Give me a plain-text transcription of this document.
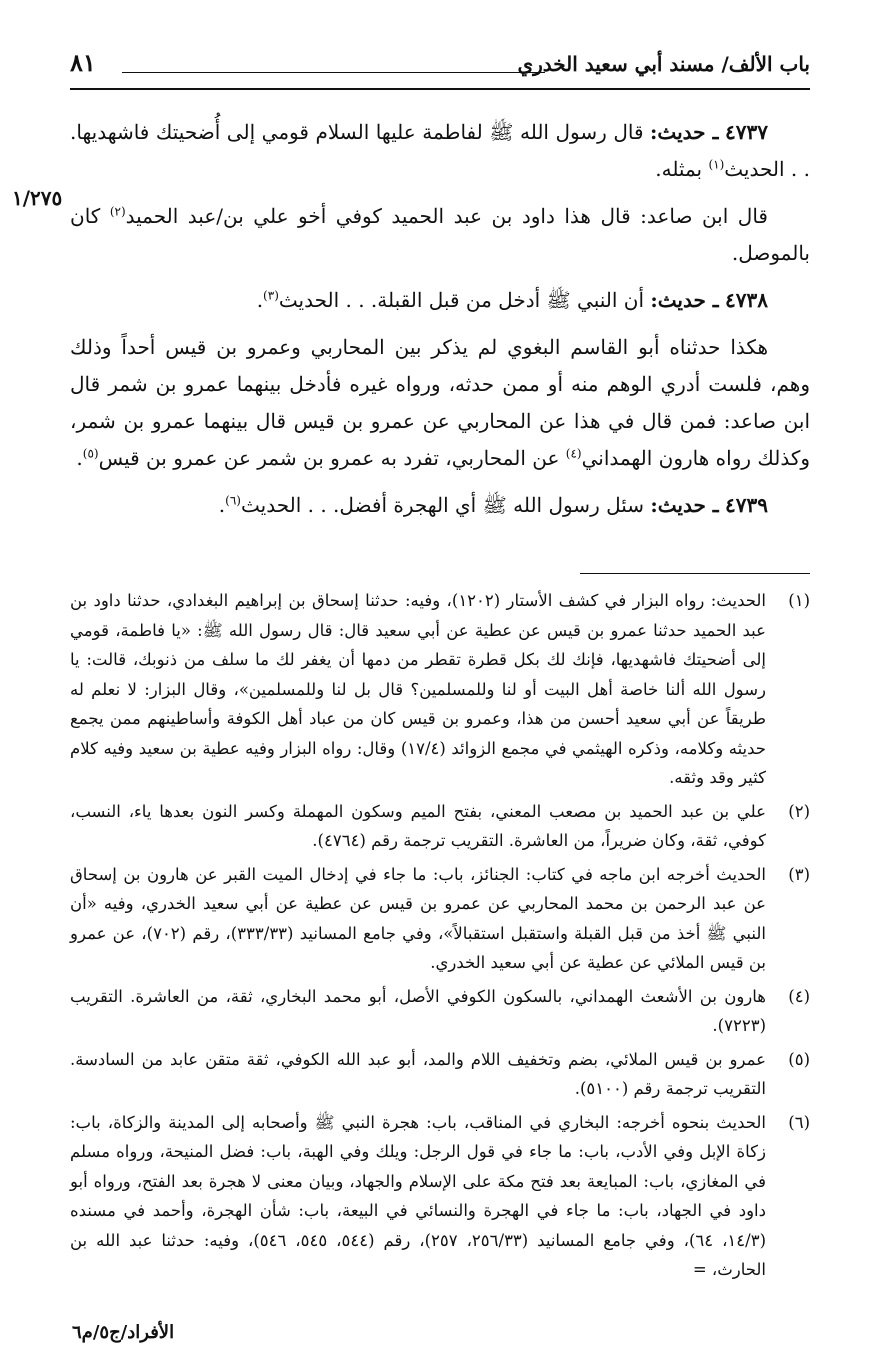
باب الألف/ مسند أبي سعيد الخدري
٨١

٤٧٣٧ ـ حديث: قال رسول الله ﷺ لفاطمة عليها السلام قومي إلى أُضحيتك فاشهديها. . . الحديث$^{(١)}$ بمثله.

قال ابن صاعد: قال هذا داود بن عبد الحميد كوفي أخو علي بن/عبد الحميد$^{(٢)}$ كان بالموصل.

٤٧٣٨ ـ حديث: أن النبي ﷺ أدخل من قبل القبلة. . . الحديث$^{(٣)}$.

هكذا حدثناه أبو القاسم البغوي لم يذكر بين المحاربي وعمرو بن قيس أحداً وذلك وهم، فلست أدري الوهم منه أو ممن حدثه، ورواه غيره فأدخل بينهما عمرو بن شمر قال ابن صاعد: فمن قال في هذا عن المحاربي عن عمرو بن قيس قال بينهما عمرو بن شمر، وكذلك رواه هارون الهمداني$^{(٤)}$ عن المحاربي، تفرد به عمرو بن شمر عن عمرو بن قيس$^{(٥)}$.

٤٧٣٩ ـ حديث: سئل رسول الله ﷺ أي الهجرة أفضل. . . الحديث$^{(٦)}$.

١/٢٧٥
(١)
الحديث: رواه البزار في كشف الأستار (١٢٠٢)، وفيه: حدثنا إسحاق بن إبراهيم البغدادي، حدثنا داود بن عبد الحميد حدثنا عمرو بن قيس عن عطية عن أبي سعيد قال: قال رسول الله ﷺ: «يا فاطمة، قومي إلى أضحيتك فاشهديها، فإنك لك بكل قطرة تقطر من دمها أن يغفر لك ما سلف من ذنوبك، قالت: يا رسول الله ألنا خاصة أهل البيت أو لنا وللمسلمين؟ قال بل لنا وللمسلمين»، وقال البزار: لا نعلم له طريقاً عن أبي سعيد أحسن من هذا، وعمرو بن قيس كان من عباد أهل الكوفة وأساطينهم ممن يجمع حديثه وكلامه، وذكره الهيثمي في مجمع الزوائد (١٧/٤) وقال: رواه البزار وفيه عطية بن سعيد وفيه كلام كثير وقد وثقه.
(٢)
علي بن عبد الحميد بن مصعب المعني، بفتح الميم وسكون المهملة وكسر النون بعدها ياء، النسب، كوفي، ثقة، وكان ضريراً، من العاشرة. التقريب ترجمة رقم (٤٧٦٤).
(٣)
الحديث أخرجه ابن ماجه في كتاب: الجنائز، باب: ما جاء في إدخال الميت القبر عن هارون بن إسحاق عن عبد الرحمن بن محمد المحاربي عن عمرو بن قيس عن عطية عن أبي سعيد الخدري، وفيه «أن النبي ﷺ أخذ من قبل القبلة واستقبل استقبالاً»، وفي جامع المسانيد (٣٣٣/٣٣)، رقم (٧٠٢)، عن عمرو بن قيس الملائي عن عطية عن أبي سعيد الخدري.
(٤)
هارون بن الأشعث الهمداني، بالسكون الكوفي الأصل، أبو محمد البخاري، ثقة، من العاشرة. التقريب (٧٢٢٣).
(٥)
عمرو بن قيس الملائي، بضم وتخفيف اللام والمد، أبو عبد الله الكوفي، ثقة متقن عابد من السادسة. التقريب ترجمة رقم (٥١٠٠).
(٦)
الحديث بنحوه أخرجه: البخاري في المناقب، باب: هجرة النبي ﷺ وأصحابه إلى المدينة والزكاة، باب: زكاة الإبل وفي الأدب، باب: ما جاء في قول الرجل: ويلك وفي الهبة، باب: فضل المنيحة، ورواه مسلم في المغازي، باب: المبايعة بعد فتح مكة على الإسلام والجهاد، وبيان معنى لا هجرة بعد الفتح، ورواه أبو داود في الجهاد، باب: ما جاء في الهجرة والنسائي في البيعة، باب: شأن الهجرة، وأحمد في مسنده (١٤/٣، ٦٤)، وفي جامع المسانيد (٢٥٦/٣٣، ٢٥٧)، رقم (٥٤٤، ٥٤٥، ٥٤٦)، وفيه: حدثنا عبد الله بن الحارث، =
الأفراد/ج٥/م٦
